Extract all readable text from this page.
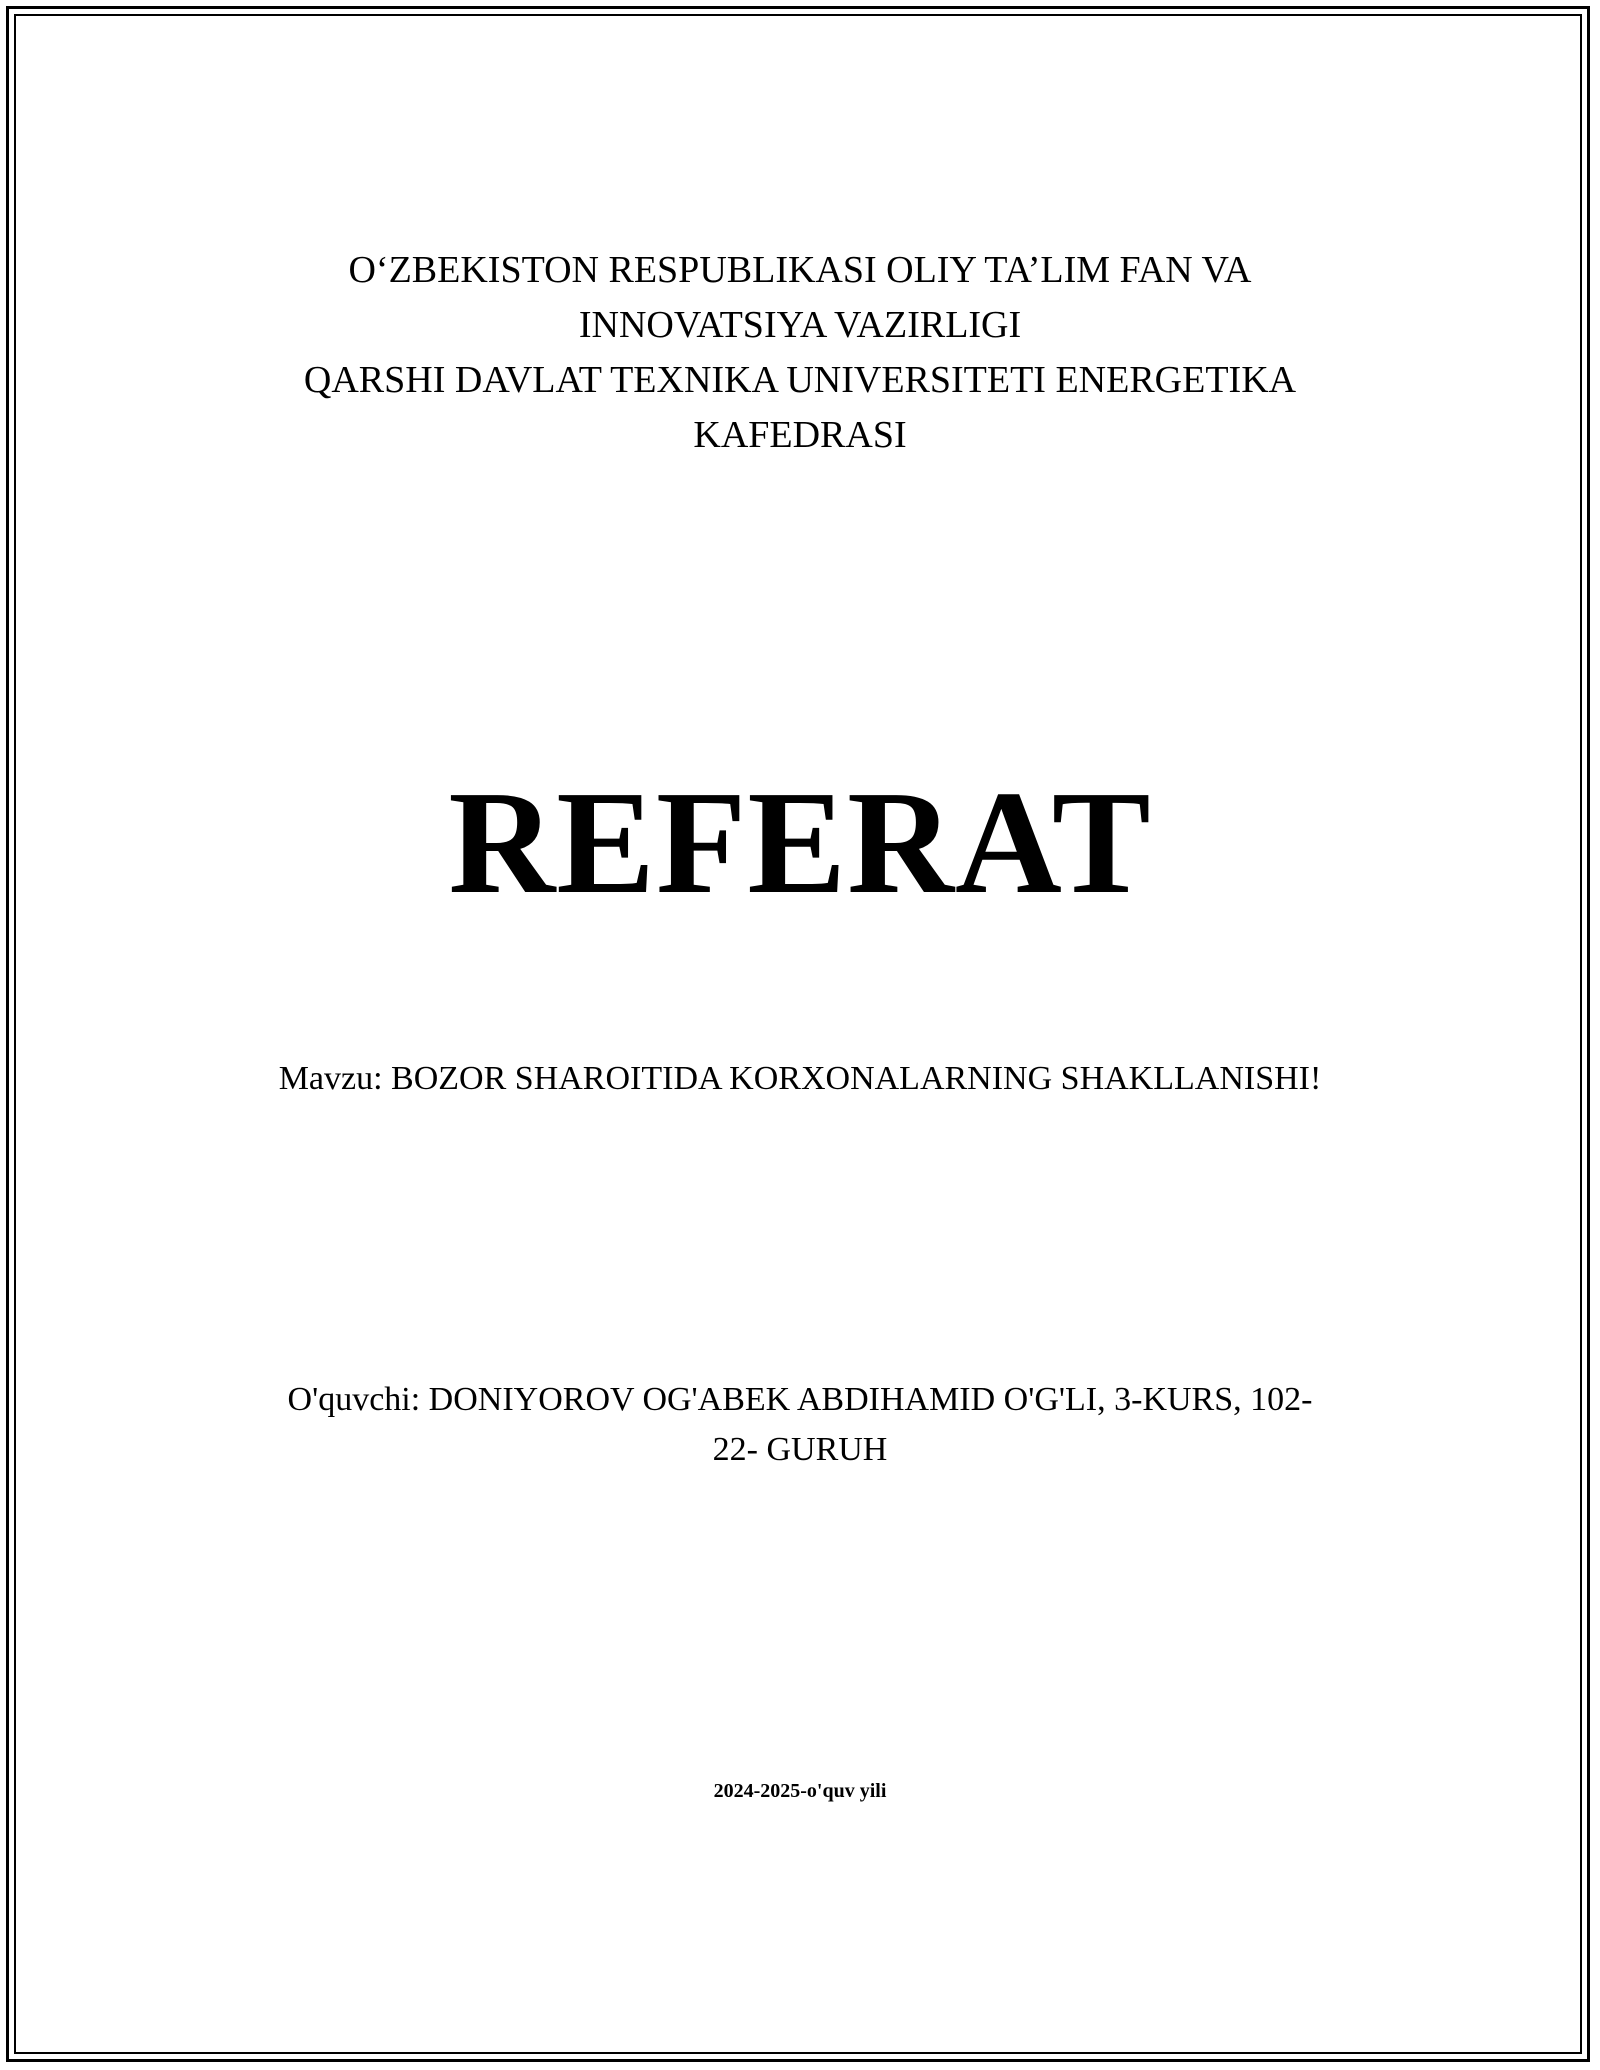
O‘ZBEKISTON RESPUBLIKASI OLIY TA’LIM FAN VA
INNOVATSIYA VAZIRLIGI
QARSHI DAVLAT TEXNIKA UNIVERSITETI ENERGETIKA
KAFEDRASI
REFERAT
Mavzu: BOZOR SHAROITIDA KORXONALARNING SHAKLLANISHI!
O'quvchi: DONIYOROV OG'ABEK ABDIHAMID O'G'LI, 3-KURS, 102-
22- GURUH
2024-2025-o'quv yili
